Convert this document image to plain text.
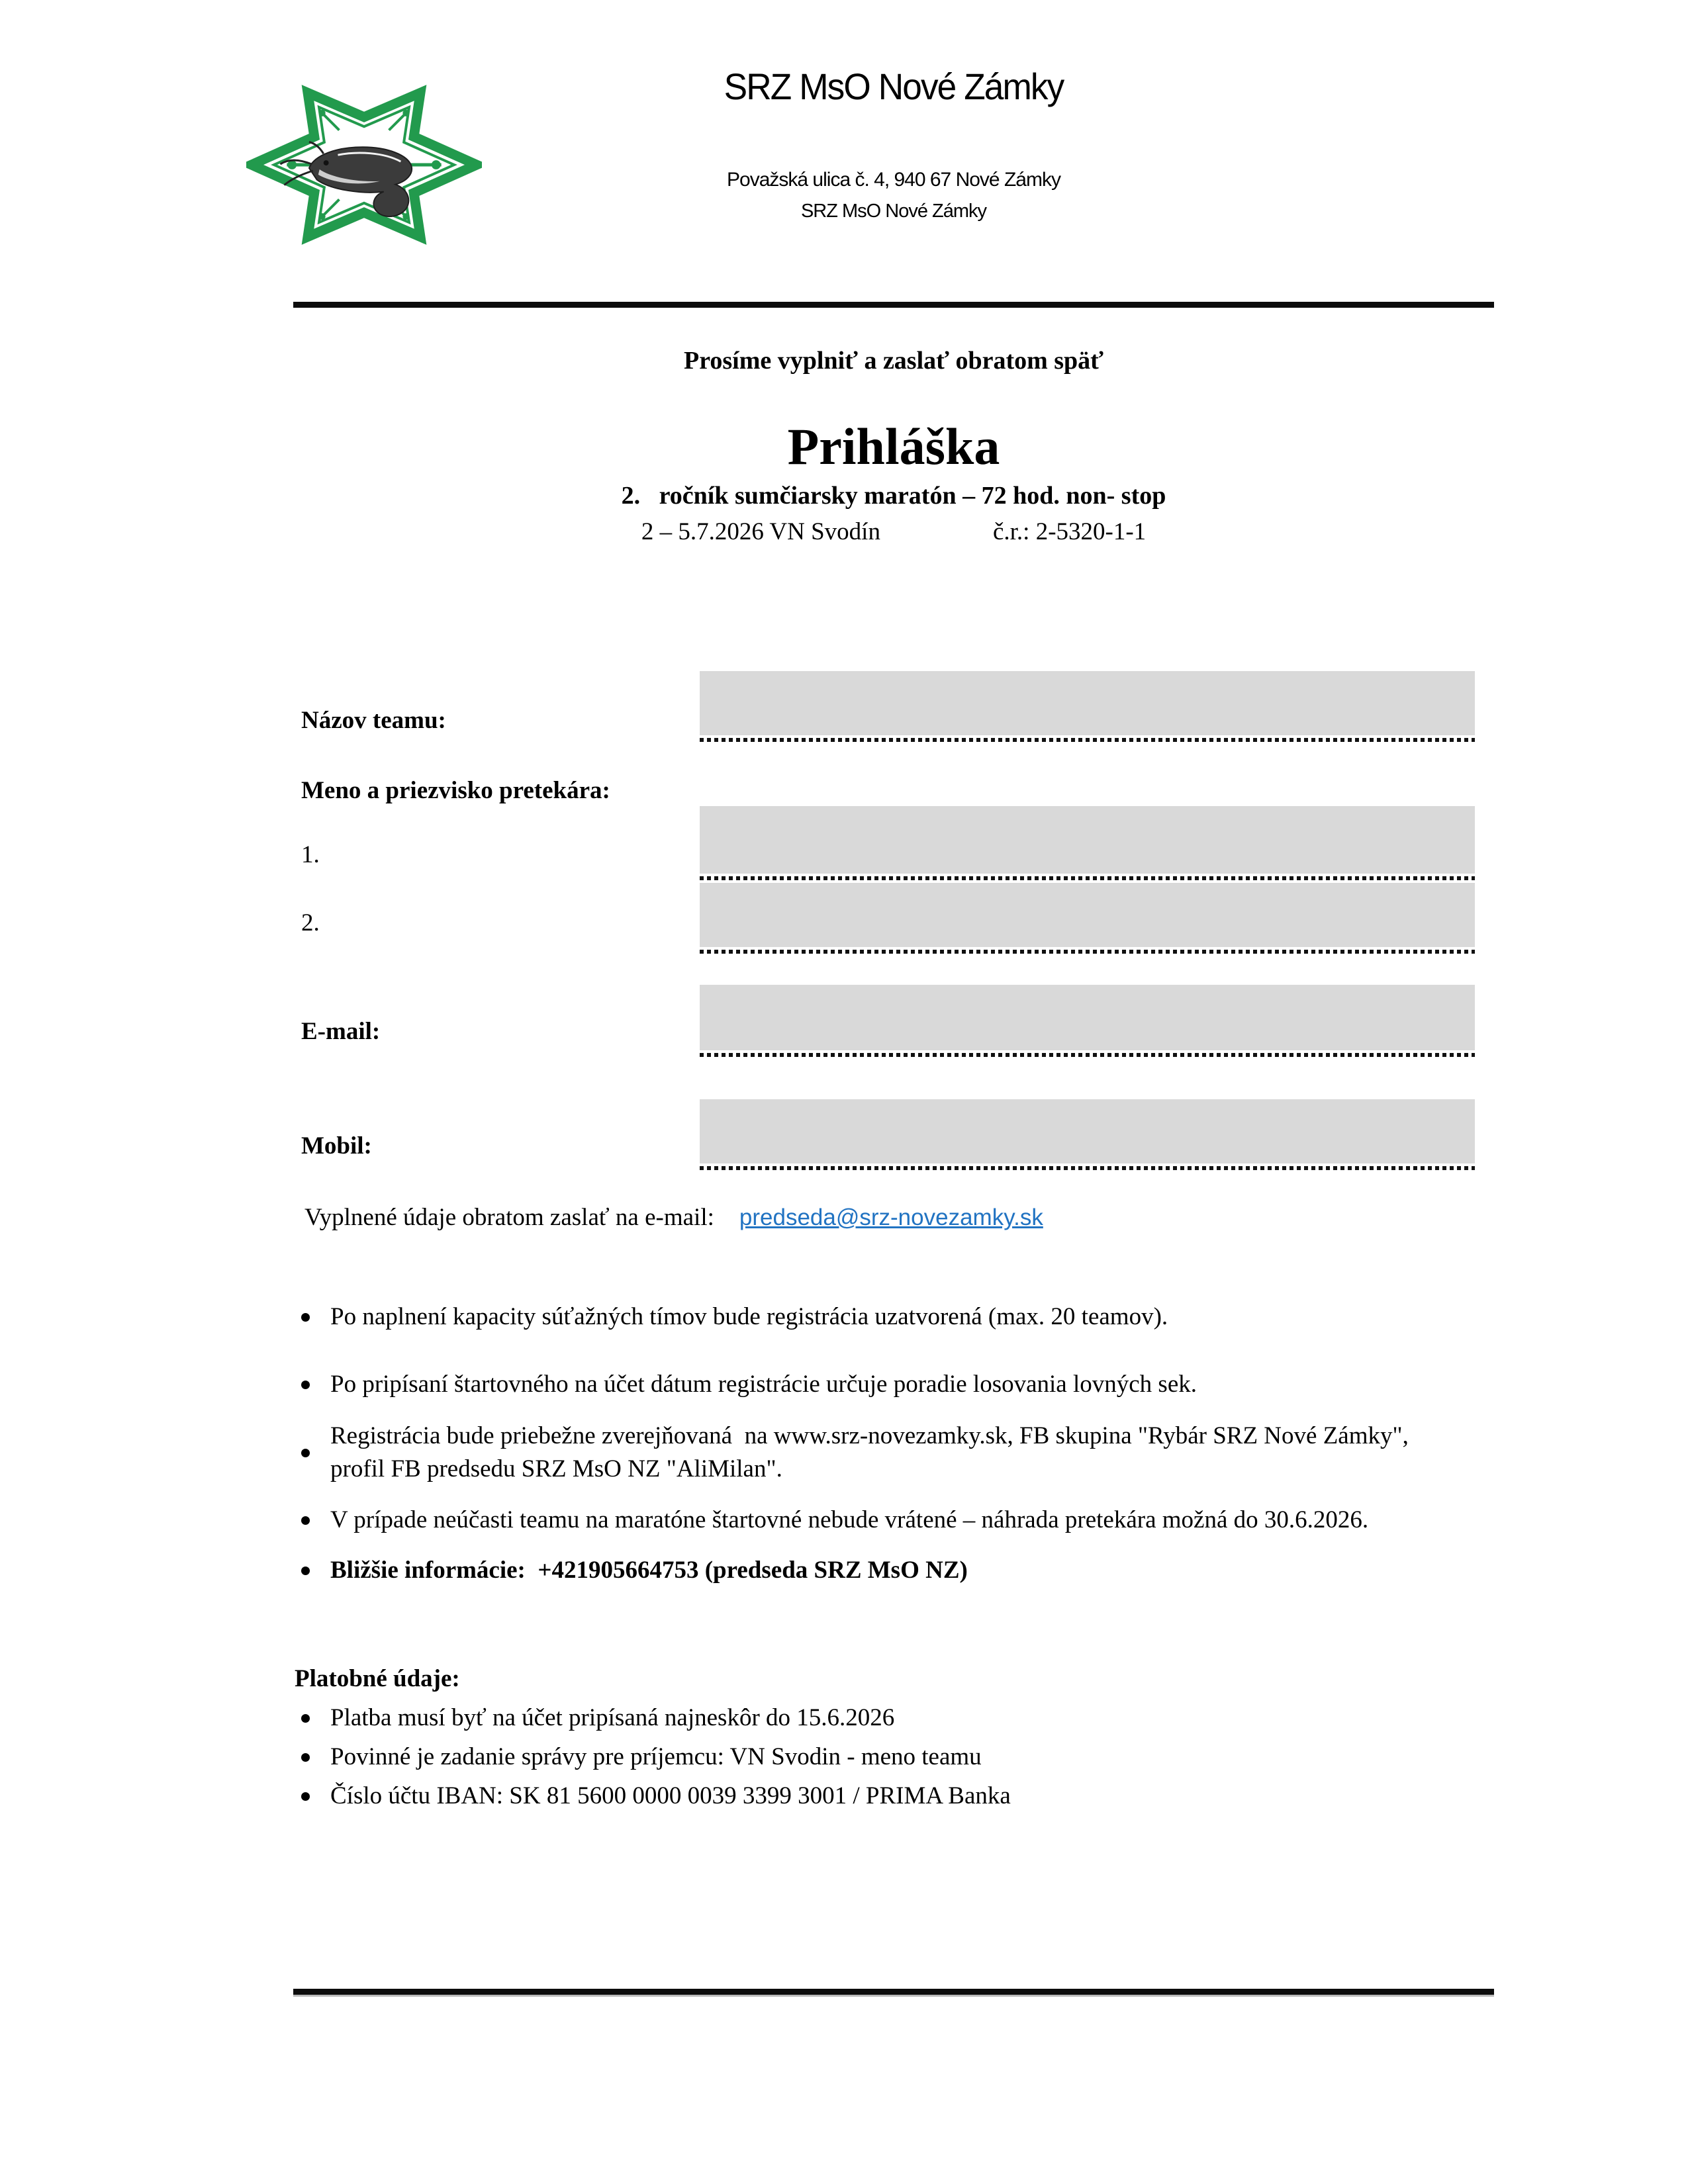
SRZ MsO Nové Zámky
Považská ulica č. 4, 940 67 Nové Zámky
SRZ MsO Nové Zámky
Prosíme vyplniť a zaslať obratom späť
Prihláška
2.   ročník sumčiarsky maratón – 72 hod. non- stop
2 – 5.7.2026 VN Svodín	č.r.: 2-5320-1-1
Názov teamu:
Meno a priezvisko pretekára:
1.
2.
E-mail:
Mobil:
Vyplnené údaje obratom zaslať na e-mail: predseda@srz-novezamky.sk
Po naplnení kapacity súťažných tímov bude registrácia uzatvorená (max. 20 teamov).
Po pripísaní štartovného na účet dátum registrácie určuje poradie losovania lovných sek.
Registrácia bude priebežne zverejňovaná  na www.srz-novezamky.sk, FB skupina "Rybár SRZ Nové Zámky", profil FB predsedu SRZ MsO NZ "AliMilan".
V prípade neúčasti teamu na maratóne štartovné nebude vrátené – náhrada pretekára možná do 30.6.2026.
Bližšie informácie:  +421905664753 (predseda SRZ MsO NZ)
Platobné údaje:
Platba musí byť na účet pripísaná najneskôr do 15.6.2026
Povinné je zadanie správy pre príjemcu: VN Svodin - meno teamu
Číslo účtu IBAN: SK 81 5600 0000 0039 3399 3001 / PRIMA Banka
